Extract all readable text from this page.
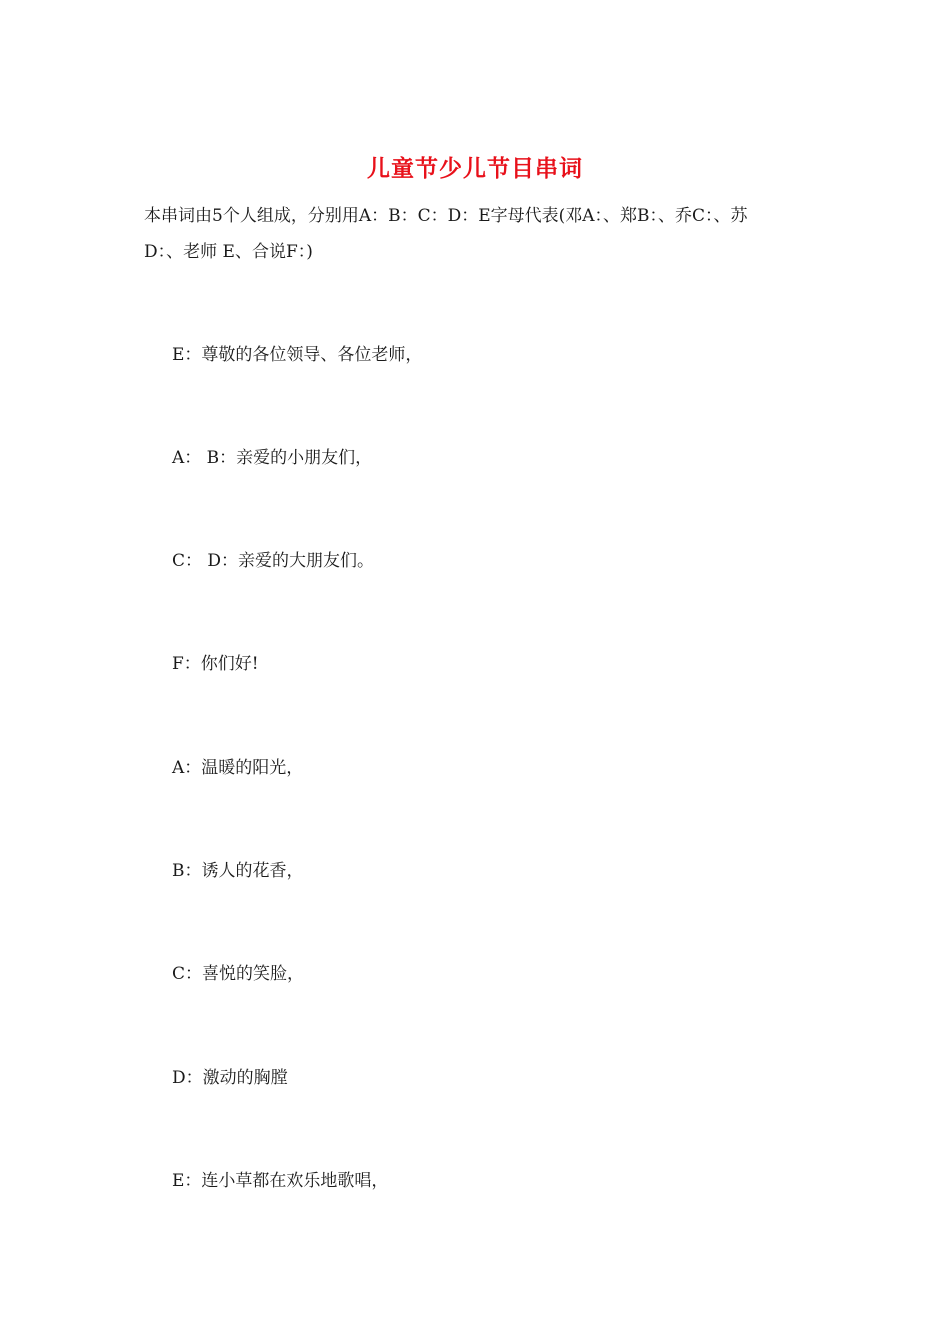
儿童节少儿节目串词
本串词由5个人组成，分别用A：B：C：D：E字母代表(邓A：、郑B：、乔C：、苏D：、老师 E、合说F：)
E：尊敬的各位领导、各位老师，
A： B：亲爱的小朋友们，
C： D：亲爱的大朋友们。
F：你们好!
A：温暖的阳光，
B：诱人的花香，
C：喜悦的笑脸，
D：激动的胸膛
E：连小草都在欢乐地歌唱，
